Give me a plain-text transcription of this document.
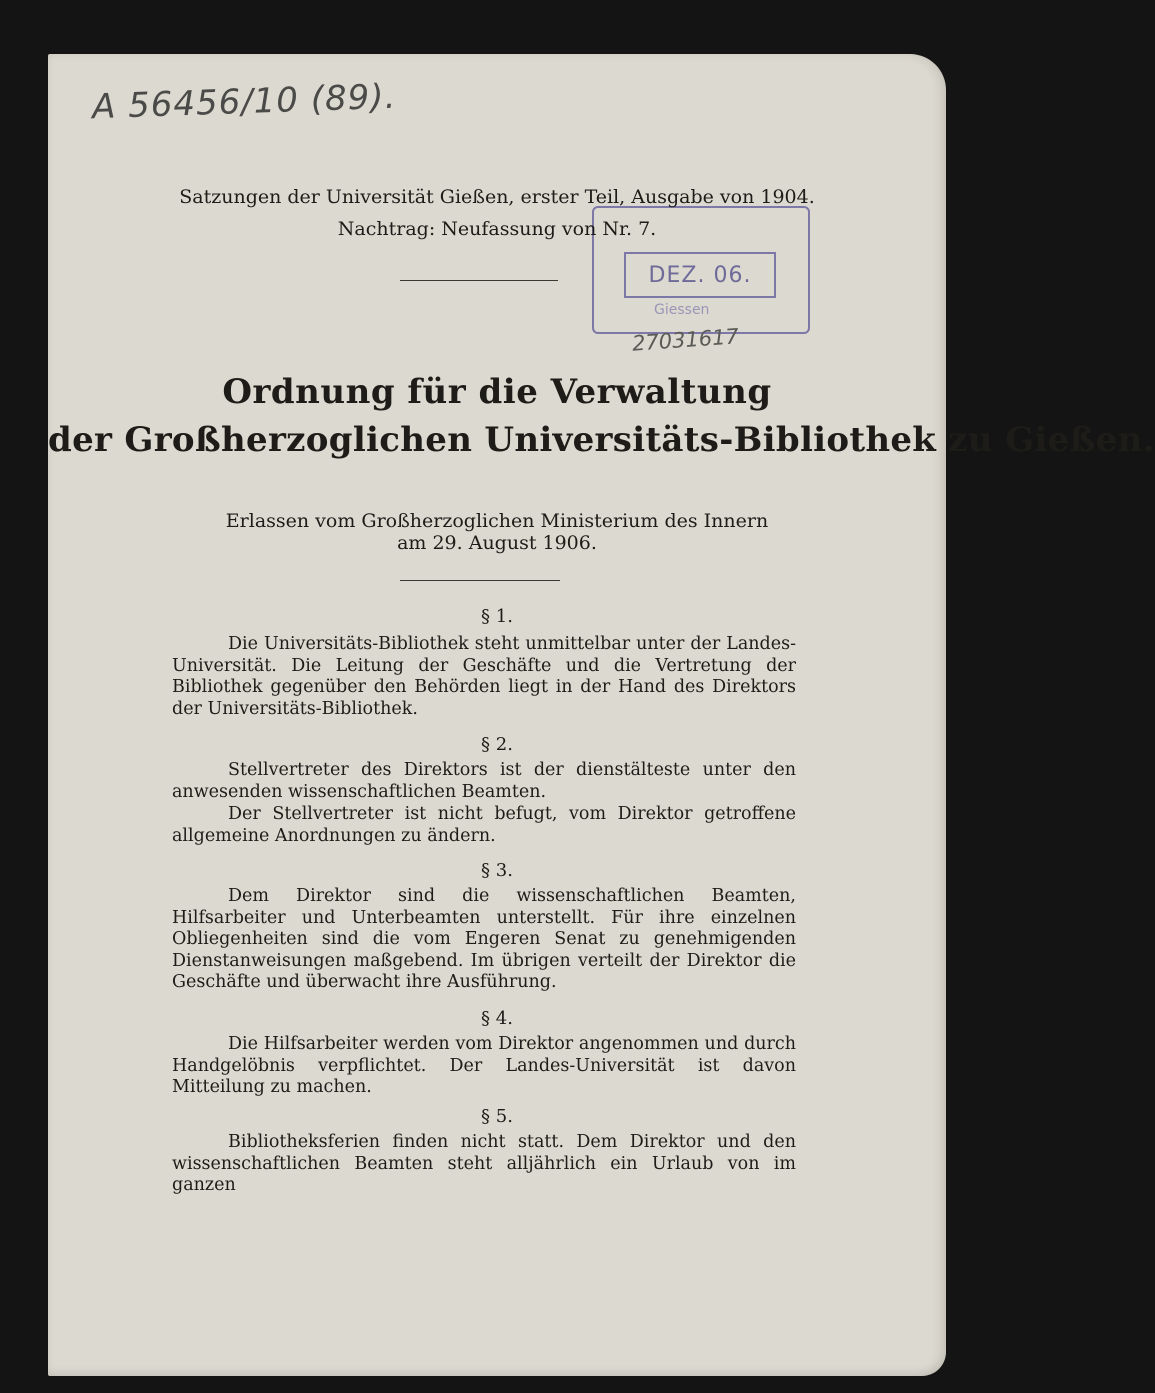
A 56456/10 (89).
DEZ. 06.
Giessen
27031617
Satzungen der Universität Gießen, erster Teil, Ausgabe von 1904.
Nachtrag: Neufassung von Nr. 7.
Ordnung für die Verwaltung
der Großherzoglichen Universitäts-Bibliothek zu Gießen.
Erlassen vom Großherzoglichen Ministerium des Innern
am 29. August 1906.
§ 1.
Die Universitäts-Bibliothek steht unmittelbar unter der Landes-Universität. Die Leitung der Geschäfte und die Vertretung der Bibliothek gegenüber den Behörden liegt in der Hand des Direktors der Universitäts-Bibliothek.
§ 2.
Stellvertreter des Direktors ist der dienstälteste unter den anwesenden wissenschaftlichen Beamten.
Der Stellvertreter ist nicht befugt, vom Direktor getroffene allgemeine Anordnungen zu ändern.
§ 3.
Dem Direktor sind die wissenschaftlichen Beamten, Hilfsarbeiter und Unterbeamten unterstellt. Für ihre einzelnen Obliegenheiten sind die vom Engeren Senat zu genehmigenden Dienstanweisungen maßgebend. Im übrigen verteilt der Direktor die Geschäfte und überwacht ihre Ausführung.
§ 4.
Die Hilfsarbeiter werden vom Direktor angenommen und durch Handgelöbnis verpflichtet. Der Landes-Universität ist davon Mitteilung zu machen.
§ 5.
Bibliotheksferien finden nicht statt. Dem Direktor und den wissenschaftlichen Beamten steht alljährlich ein Urlaub von im ganzen
